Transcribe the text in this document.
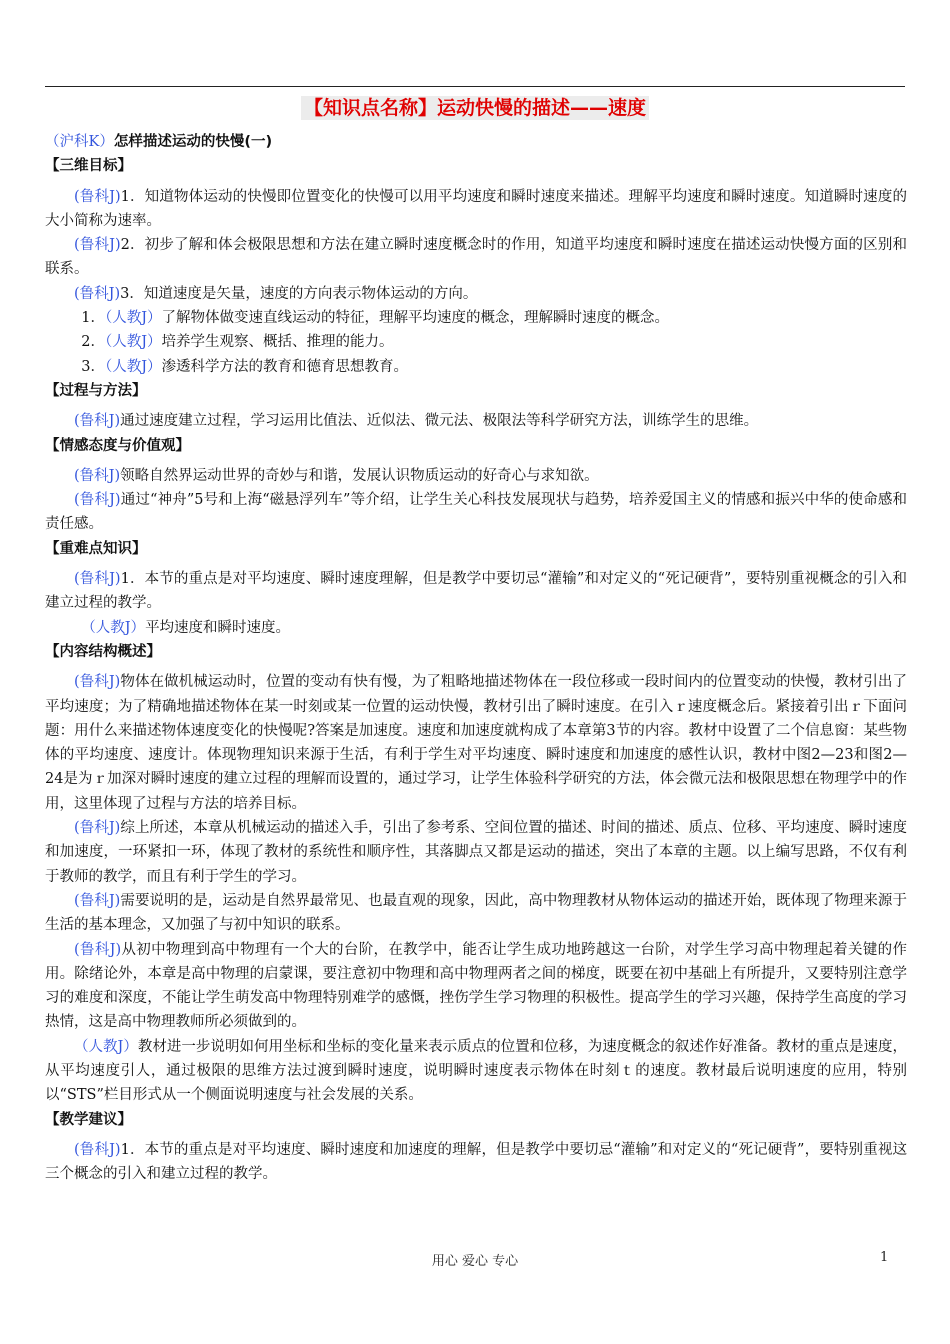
【知识点名称】运动快慢的描述——速度
（沪科K）怎样描述运动的快慢(一)
【三维目标】
(鲁科J)1．知道物体运动的快慢即位置变化的快慢可以用平均速度和瞬时速度来描述。理解平均速度和瞬时速度。知道瞬时速度的大小简称为速率。
(鲁科J)2．初步了解和体会极限思想和方法在建立瞬时速度概念时的作用，知道平均速度和瞬时速度在描述运动快慢方面的区别和联系。
(鲁科J)3．知道速度是矢量，速度的方向表示物体运动的方向。
1．（人教J）了解物体做变速直线运动的特征，理解平均速度的概念，理解瞬时速度的概念。
2．（人教J）培养学生观察、概括、推理的能力。
3．（人教J）渗透科学方法的教育和德育思想教育。
【过程与方法】
(鲁科J)通过速度建立过程，学习运用比值法、近似法、微元法、极限法等科学研究方法，训练学生的思维。
【情感态度与价值观】
(鲁科J)领略自然界运动世界的奇妙与和谐，发展认识物质运动的好奇心与求知欲。
(鲁科J)通过“神舟”5号和上海“磁悬浮列车”等介绍，让学生关心科技发展现状与趋势，培养爱国主义的情感和振兴中华的使命感和责任感。
【重难点知识】
(鲁科J)1．本节的重点是对平均速度、瞬时速度理解，但是教学中要切忌“灌输”和对定义的“死记硬背”，要特别重视概念的引入和建立过程的教学。
（人教J）平均速度和瞬时速度。
【内容结构概述】
(鲁科J)物体在做机械运动时，位置的变动有快有慢，为了粗略地描述物体在一段位移或一段时间内的位置变动的快慢，教材引出了平均速度；为了精确地描述物体在某一时刻或某一位置的运动快慢，教材引出了瞬时速度。在引入ｒ速度概念后。紧接着引出ｒ下面问题：用什么来描述物体速度变化的快慢呢?答案是加速度。速度和加速度就构成了本章第3节的内容。教材中设置了二个信息窗：某些物体的平均速度、速度计。体现物理知识来源于生活，有利于学生对平均速度、瞬时速度和加速度的感性认识，教材中图2—23和图2—24是为ｒ加深对瞬时速度的建立过程的理解而设置的，通过学习，让学生体验科学研究的方法，体会微元法和极限思想在物理学中的作用，这里体现了过程与方法的培养目标。
(鲁科J)综上所述，本章从机械运动的描述入手，引出了参考系、空间位置的描述、时间的描述、质点、位移、平均速度、瞬时速度和加速度，一环紧扣一环，体现了教材的系统性和顺序性，其落脚点又都是运动的描述，突出了本章的主题。以上编写思路，不仅有利于教师的教学，而且有利于学生的学习。
(鲁科J)需要说明的是，运动是自然界最常见、也最直观的现象，因此，高中物理教材从物体运动的描述开始，既体现了物理来源于生活的基本理念，又加强了与初中知识的联系。
(鲁科J)从初中物理到高中物理有一个大的台阶，在教学中，能否让学生成功地跨越这一台阶，对学生学习高中物理起着关键的作用。除绪论外，本章是高中物理的启蒙课，要注意初中物理和高中物理两者之间的梯度，既要在初中基础上有所提升，又要特别注意学习的难度和深度，不能让学生萌发高中物理特别难学的感慨，挫伤学生学习物理的积极性。提高学生的学习兴趣，保持学生高度的学习热情，这是高中物理教师所必须做到的。
（人教J）教材进一步说明如何用坐标和坐标的变化量来表示质点的位置和位移，为速度概念的叙述作好准备。教材的重点是速度，从平均速度引人，通过极限的思维方法过渡到瞬时速度，说明瞬时速度表示物体在时刻ｔ的速度。教材最后说明速度的应用，特别以“STS”栏目形式从一个侧面说明速度与社会发展的关系。
【教学建议】
(鲁科J)1．本节的重点是对平均速度、瞬时速度和加速度的理解，但是教学中要切忌“灌输”和对定义的“死记硬背”，要特别重视这三个概念的引入和建立过程的教学。
用心 爱心 专心	1
